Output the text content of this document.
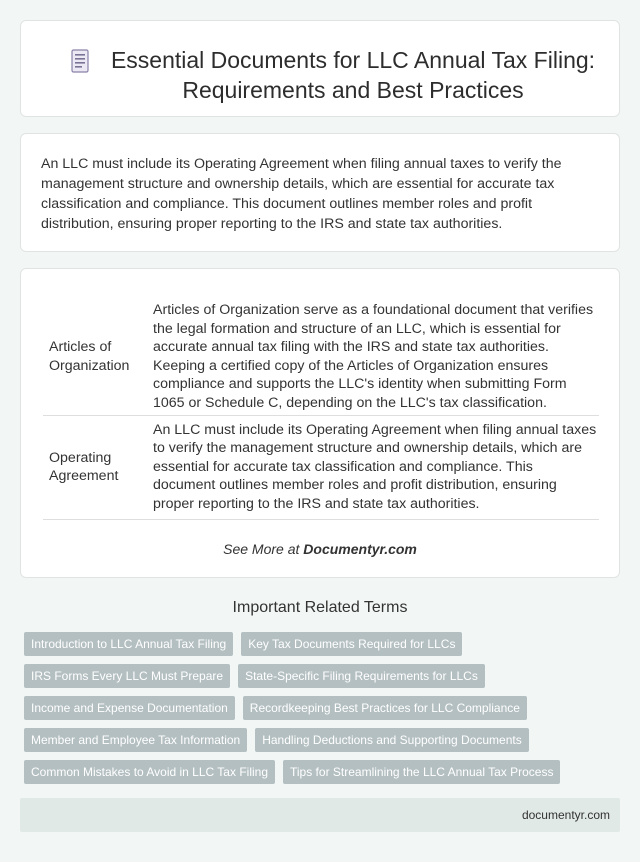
Essential Documents for LLC Annual Tax Filing: Requirements and Best Practices

An LLC must include its Operating Agreement when filing annual taxes to verify the management structure and ownership details, which are essential for accurate tax classification and compliance. This document outlines member roles and profit distribution, ensuring proper reporting to the IRS and state tax authorities.

Articles of Organization	Articles of Organization serve as a foundational document that verifies the legal formation and structure of an LLC, which is essential for accurate annual tax filing with the IRS and state tax authorities. Keeping a certified copy of the Articles of Organization ensures compliance and supports the LLC's identity when submitting Form 1065 or Schedule C, depending on the LLC's tax classification.
Operating Agreement	An LLC must include its Operating Agreement when filing annual taxes to verify the management structure and ownership details, which are essential for accurate tax classification and compliance. This document outlines member roles and profit distribution, ensuring proper reporting to the IRS and state tax authorities.
See More at Documentyr.com
Important Related Terms
Introduction to LLC Annual Tax Filing	Key Tax Documents Required for LLCs
IRS Forms Every LLC Must Prepare	State-Specific Filing Requirements for LLCs
Income and Expense Documentation	Recordkeeping Best Practices for LLC Compliance
Member and Employee Tax Information	Handling Deductions and Supporting Documents
Common Mistakes to Avoid in LLC Tax Filing	Tips for Streamlining the LLC Annual Tax Process
documentyr.com
